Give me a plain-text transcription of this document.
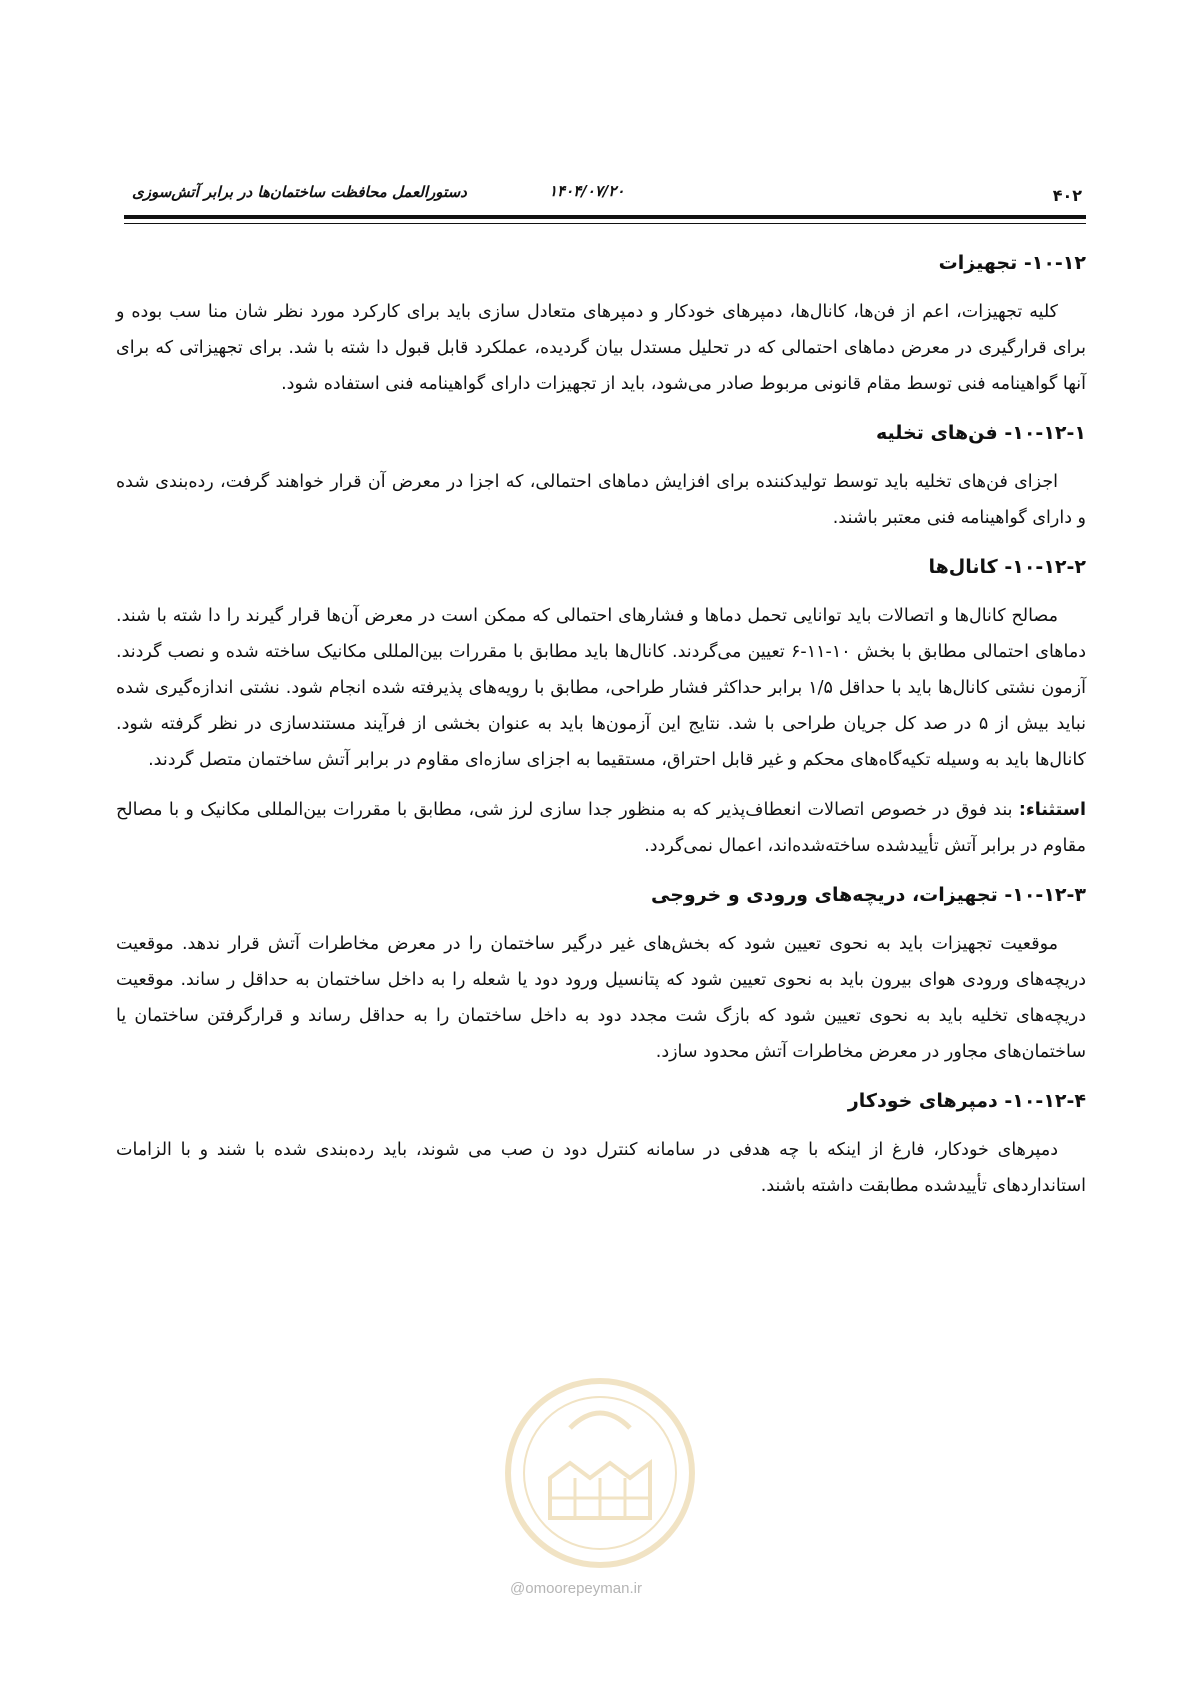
۴۰۲
۱۴۰۴/۰۷/۲۰
دستورالعمل محافظت ساختمان‌ها در برابر آتش‌سوزی
۱۰-۱۲- تجهیزات

کلیه تجهیزات، اعم از فن‌ها، کانال‌ها، دمپرهای خودکار و دمپرهای متعادل سازی باید برای کارکرد مورد نظر شان منا سب بوده و برای قرارگیری در معرض دماهای احتمالی که در تحلیل مستدل بیان گردیده، عملکرد قابل قبول دا شته با شد. برای تجهیزاتی که برای آنها گواهینامه فنی توسط مقام قانونی مربوط صادر می‌شود، باید از تجهیزات دارای گواهینامه فنی استفاده شود.

۱۰-۱۲-۱- فن‌های تخلیه

اجزای فن‌های تخلیه باید توسط تولیدکننده برای افزایش دماهای احتمالی، که اجزا در معرض آن قرار خواهند گرفت، رده‌بندی شده و دارای گواهینامه فنی معتبر باشند.

۱۰-۱۲-۲- کانال‌ها

مصالح کانال‌ها و اتصالات باید توانایی تحمل دماها و فشارهای احتمالی که ممکن است در معرض آن‌ها قرار گیرند را دا شته با شند. دماهای احتمالی مطابق با بخش ۱۰-۱۱-۶ تعیین می‌گردند. کانال‌ها باید مطابق با مقررات بین‌المللی مکانیک ساخته شده و نصب گردند. آزمون نشتی کانال‌ها باید با حداقل ۱/۵ برابر حداکثر فشار طراحی، مطابق با رویه‌های پذیرفته شده انجام شود. نشتی اندازه‌گیری شده نباید بیش از ۵ در صد کل جریان طراحی با شد. نتایج این آزمون‌ها باید به عنوان بخشی از فرآیند مستندسازی در نظر گرفته شود. کانال‌ها باید به وسیله تکیه‌گاه‌های محکم و غیر قابل احتراق، مستقیما به اجزای سازه‌ای مقاوم در برابر آتش ساختمان متصل گردند.

استثناء: بند فوق در خصوص اتصالات انعطاف‌پذیر که به منظور جدا سازی لرز شی، مطابق با مقررات بین‌المللی مکانیک و با مصالح مقاوم در برابر آتش تأییدشده ساخته‌شده‌اند، اعمال نمی‌گردد.

۱۰-۱۲-۳- تجهیزات، دریچه‌های ورودی و خروجی

موقعیت تجهیزات باید به نحوی تعیین شود که بخش‌های غیر درگیر ساختمان را در معرض مخاطرات آتش قرار ندهد. موقعیت دریچه‌های ورودی هوای بیرون باید به نحوی تعیین شود که پتانسیل ورود دود یا شعله را به داخل ساختمان به حداقل ر ساند. موقعیت دریچه‌های تخلیه باید به نحوی تعیین شود که بازگ شت مجدد دود به داخل ساختمان را به حداقل رساند و قرارگرفتن ساختمان یا ساختمان‌های مجاور در معرض مخاطرات آتش محدود سازد.

۱۰-۱۲-۴- دمپرهای خودکار

دمپرهای خودکار، فارغ از اینکه با چه هدفی در سامانه کنترل دود ن صب می شوند، باید رده‌بندی شده با شند و با الزامات استانداردهای تأییدشده مطابقت داشته باشند.

@omoorepeyman.ir
